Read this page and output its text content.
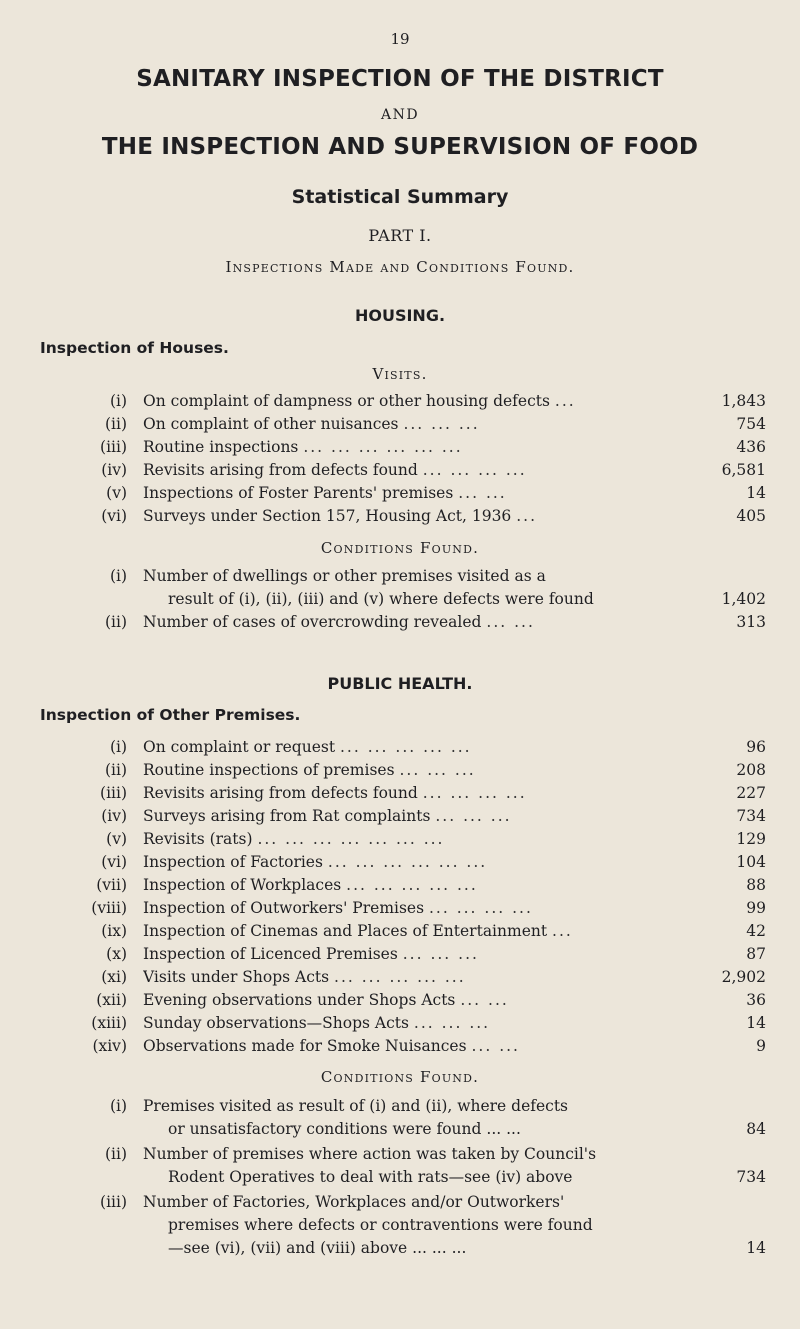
19
SANITARY INSPECTION OF THE DISTRICT
AND
THE INSPECTION AND SUPERVISION OF FOOD
Statistical Summary
PART I.
Inspections Made and Conditions Found.
HOUSING.
Inspection of Houses.
Visits.
(i) On complaint of dampness or other housing defects ...	1,843
(ii) On complaint of other nuisances ... ... ...	754
(iii) Routine inspections ... ... ... ... ... ...	436
(iv) Revisits arising from defects found ... ... ... ...	6,581
(v) Inspections of Foster Parents' premises ... ...	14
(vi) Surveys under Section 157, Housing Act, 1936 ...	405
Conditions Found.
(i) Number of dwellings or other premises visited as a
result of (i), (ii), (iii) and (v) where defects were found	1,402
(ii) Number of cases of overcrowding revealed ... ...	313
PUBLIC HEALTH.
Inspection of Other Premises.
(i) On complaint or request ... ... ... ... ...	96
(ii) Routine inspections of premises ... ... ...	208
(iii) Revisits arising from defects found ... ... ... ...	227
(iv) Surveys arising from Rat complaints ... ... ...	734
(v) Revisits (rats) ... ... ... ... ... ... ...	129
(vi) Inspection of Factories ... ... ... ... ... ...	104
(vii) Inspection of Workplaces ... ... ... ... ...	88
(viii) Inspection of Outworkers' Premises ... ... ... ...	99
(ix) Inspection of Cinemas and Places of Entertainment ...	42
(x) Inspection of Licenced Premises ... ... ...	87
(xi) Visits under Shops Acts ... ... ... ... ...	2,902
(xii) Evening observations under Shops Acts ... ...	36
(xiii) Sunday observations—Shops Acts ... ... ...	14
(xiv) Observations made for Smoke Nuisances ... ...	9
Conditions Found.
(i) Premises visited as result of (i) and (ii), where defects
or unsatisfactory conditions were found ... ...	84
(ii) Number of premises where action was taken by Council's
Rodent Operatives to deal with rats—see (iv) above	734
(iii) Number of Factories, Workplaces and/or Outworkers'
premises where defects or contraventions were found
—see (vi), (vii) and (viii) above ... ... ...	14
